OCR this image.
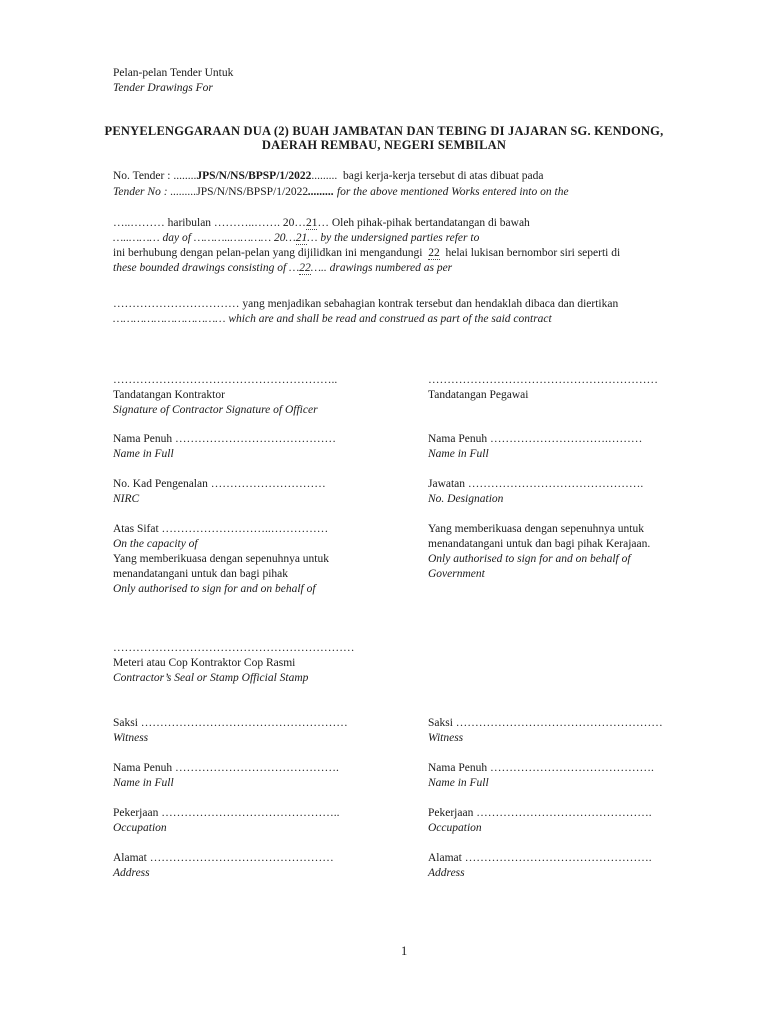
Pelan-pelan Tender Untuk
Tender Drawings For
PENYELENGGARAAN DUA (2) BUAH JAMBATAN DAN TEBING DI JAJARAN SG. KENDONG,
DAERAH REMBAU, NEGERI SEMBILAN
No. Tender : ........JPS/N/NS/BPSP/1/2022......... bagi kerja-kerja tersebut di atas dibuat pada
Tender No : .........JPS/N/NS/BPSP/1/2022......... for the above mentioned Works entered into on the
…..……… haribulan ………..……. 20…21… Oleh pihak-pihak bertandatangan di bawah
…..……… day of ………..………… 20…21… by the undersigned parties refer to
ini berhubung dengan pelan-pelan yang dijilidkan ini mengandungi 22 helai lukisan bernombor siri seperti di
these bounded drawings consisting of …22….. drawings numbered as per
…………………………… yang menjadikan sebahagian kontrak tersebut dan hendaklah dibaca dan diertikan
…………………………… which are and shall be read and construed as part of the said contract
…………………………………………………..
Tandatangan Kontraktor
Signature of Contractor Signature of Officer
Nama Penuh ……………………………………
Name in Full
No. Kad Pengenalan …………………………
NIRC
Atas Sifat ………………………..……………
On the capacity of
Yang memberikuasa dengan sepenuhnya untuk
menandatangani untuk dan bagi pihak
Only authorised to sign for and on behalf of
………………………………………………………
Meteri atau Cop Kontraktor Cop Rasmi
Contractor’s Seal or Stamp Official Stamp
Saksi ………………………………………………
Witness
Nama Penuh …………………………………….
Name in Full
Pekerjaan ………………………………………..
Occupation
Alamat …………………………………………
Address
……………………………………………………
Tandatangan Pegawai
Nama Penuh ………………………….………
Name in Full
Jawatan ……………………………………….
No. Designation
Yang memberikuasa dengan sepenuhnya untuk
menandatangani untuk dan bagi pihak Kerajaan.
Only authorised to sign for and on behalf of
Government
Saksi ………………………………………………
Witness
Nama Penuh …………………………………….
Name in Full
Pekerjaan ……………………………………….
Occupation
Alamat ………………………………………….
Address
1
